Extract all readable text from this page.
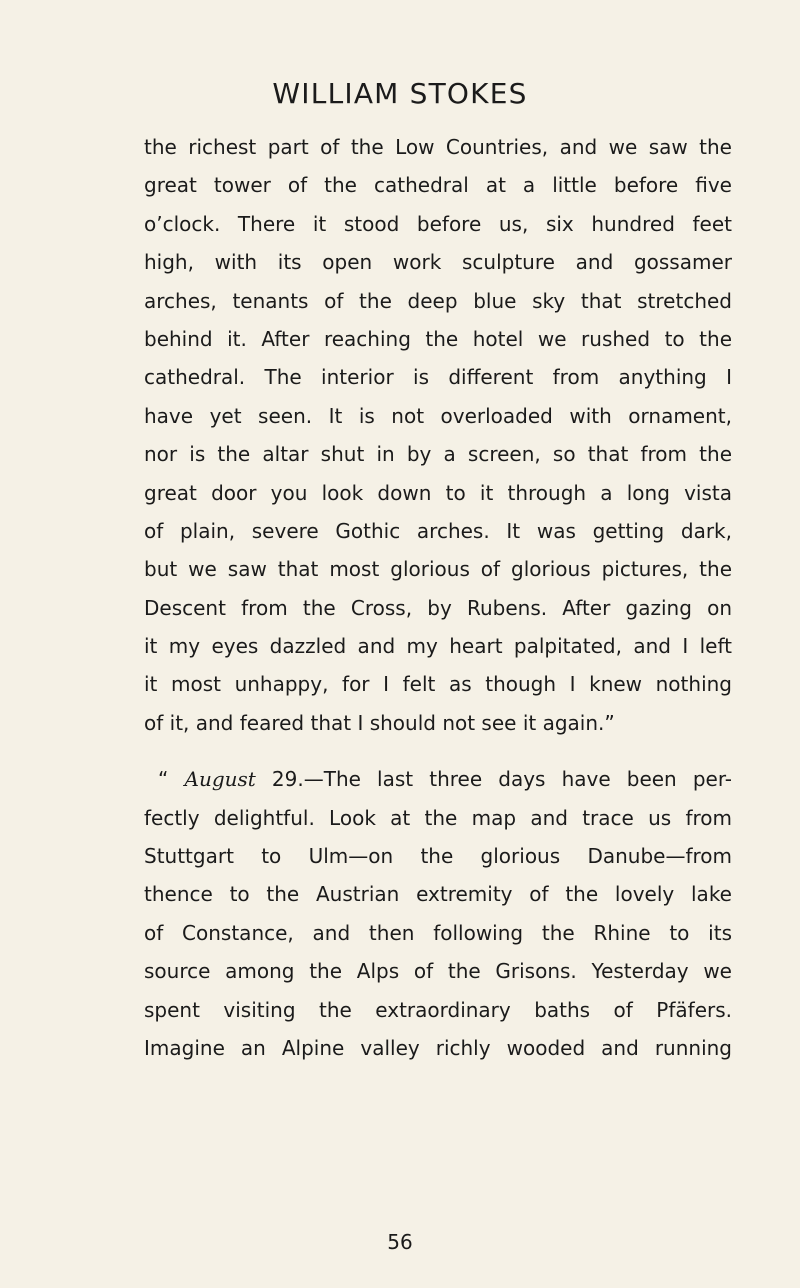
WILLIAM STOKES
the richest part of the Low Countries, and we saw the
great tower of the cathedral at a little before five
o’clock. There it stood before us, six hundred feet
high, with its open work sculpture and gossamer
arches, tenants of the deep blue sky that stretched
behind it. After reaching the hotel we rushed to the
cathedral. The interior is different from anything I
have yet seen. It is not overloaded with ornament,
nor is the altar shut in by a screen, so that from the
great door you look down to it through a long vista
of plain, severe Gothic arches. It was getting dark,
but we saw that most glorious of glorious pictures, the
Descent from the Cross, by Rubens. After gazing on
it my eyes dazzled and my heart palpitated, and I left
it most unhappy, for I felt as though I knew nothing
of it, and feared that I should not see it again.”
“ August 29.—The last three days have been per-
fectly delightful. Look at the map and trace us from
Stuttgart to Ulm—on the glorious Danube—from
thence to the Austrian extremity of the lovely lake
of Constance, and then following the Rhine to its
source among the Alps of the Grisons. Yesterday we
spent visiting the extraordinary baths of Pfäfers.
Imagine an Alpine valley richly wooded and running
56
